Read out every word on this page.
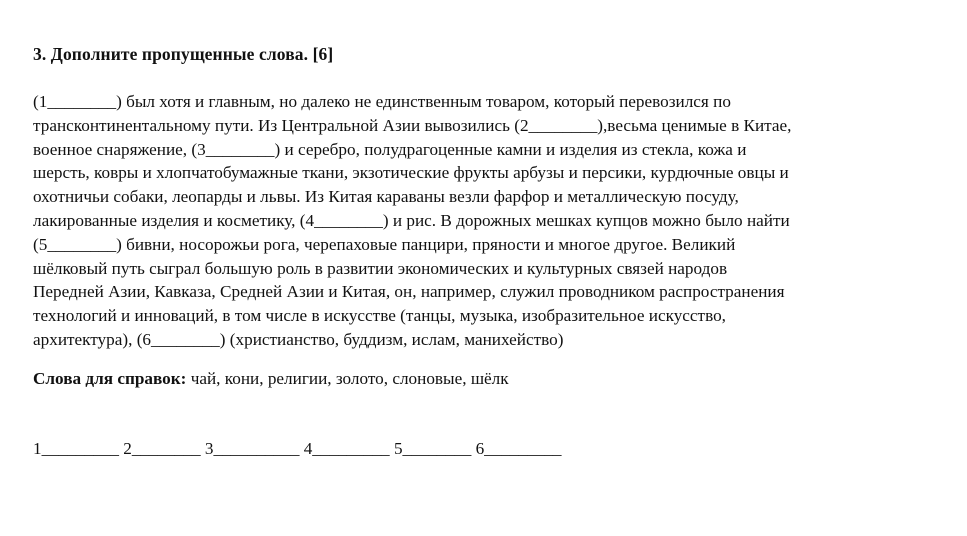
3. Дополните пропущенные слова. [6]
(1________) был хотя и главным, но далеко не единственным товаром, который перевозился по
трансконтинентальному пути. Из Центральной Азии вывозились (2________),весьма ценимые в Китае,
военное снаряжение, (3________) и серебро, полудрагоценные камни и изделия из стекла, кожа и
шерсть, ковры и хлопчатобумажные ткани, экзотические фрукты арбузы и персики, курдючные овцы и
охотничьи собаки, леопарды и львы. Из Китая караваны везли фарфор и металлическую посуду,
лакированные изделия и косметику, (4________) и рис. В дорожных мешках купцов можно было найти
(5________) бивни, носорожьи рога, черепаховые панцири, пряности и многое другое. Великий
шёлковый путь сыграл большую роль в развитии экономических и культурных связей народов
Передней Азии, Кавказа, Средней Азии и Китая, он, например, служил проводником распространения
технологий и инноваций, в том числе в искусстве (танцы, музыка, изобразительное искусство,
архитектура), (6________) (христианство, буддизм, ислам, манихейство)
Слова для справок: чай, кони, религии, золото, слоновые, шёлк
1_________ 2________ 3__________ 4_________ 5________ 6_________
